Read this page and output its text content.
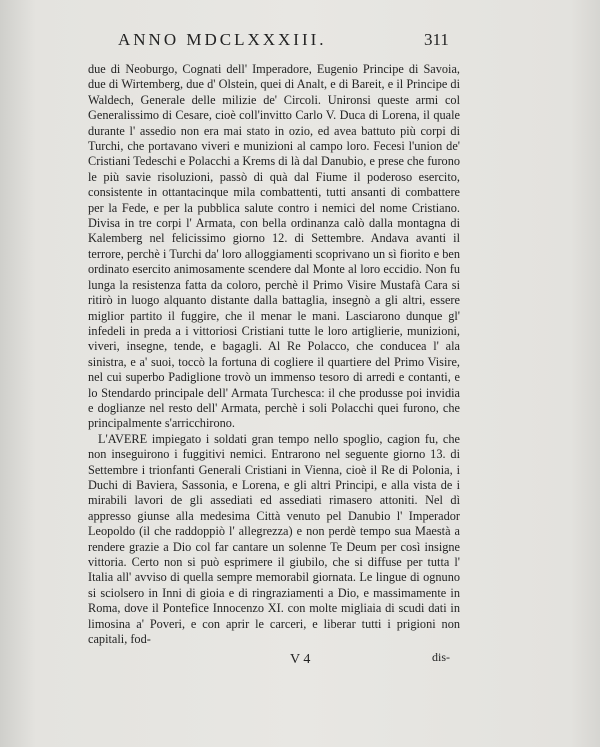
ANNO MDCLXXXIII.	311

due di Neoburgo, Cognati dell' Imperadore, Eugenio Principe di Savoia, due di Wirtemberg, due d' Olstein, quei di Analt, e di Bareit, e il Principe di Waldech, Generale delle milizie de' Circoli. Unironsi queste armi col Generalissimo di Cesare, cioè coll'invitto Carlo V. Duca di Lorena, il quale durante l' assedio non era mai stato in ozio, ed avea battuto più corpi di Turchi, che portavano viveri e munizioni al campo loro. Fecesi l'union de' Cristiani Tedeschi e Polacchi a Krems di là dal Danubio, e prese che furono le più savie risoluzioni, passò di quà dal Fiume il poderoso esercito, consistente in ottantacinque mila combattenti, tutti ansanti di combattere per la Fede, e per la pubblica salute contro i nemici del nome Cristiano. Divisa in tre corpi l' Armata, con bella ordinanza calò dalla montagna di Kalemberg nel felicissimo giorno 12. di Settembre. Andava avanti il terrore, perchè i Turchi da' loro alloggiamenti scoprivano un sì fiorito e ben ordinato esercito animosamente scendere dal Monte al loro eccidio. Non fu lunga la resistenza fatta da coloro, perchè il Primo Visire Mustafà Cara si ritirò in luogo alquanto distante dalla battaglia, insegnò a gli altri, essere miglior partito il fuggire, che il menar le mani. Lasciarono dunque gl' infedeli in preda a i vittoriosi Cristiani tutte le loro artiglierie, munizioni, viveri, insegne, tende, e bagagli. Al Re Polacco, che conducea l' ala sinistra, e a' suoi, toccò la fortuna di cogliere il quartiere del Primo Visire, nel cui superbo Padiglione trovò un immenso tesoro di arredi e contanti, e lo Stendardo principale dell' Armata Turchesca: il che produsse poi invidia e doglianze nel resto dell' Armata, perchè i soli Polacchi quei furono, che principalmente s'arricchirono.

L'AVERE impiegato i soldati gran tempo nello spoglio, cagion fu, che non inseguirono i fuggitivi nemici. Entrarono nel seguente giorno 13. di Settembre i trionfanti Generali Cristiani in Vienna, cioè il Re di Polonia, i Duchi di Baviera, Sassonia, e Lorena, e gli altri Principi, e alla vista de i mirabili lavori de gli assediati ed assediati rimasero attoniti. Nel dì appresso giunse alla medesima Città venuto pel Danubio l' Imperador Leopoldo (il che raddoppiò l' allegrezza) e non perdè tempo sua Maestà a rendere grazie a Dio col far cantare un solenne Te Deum per così insigne vittoria. Certo non si può esprimere il giubilo, che si diffuse per tutta l' Italia all' avviso di quella sempre memorabil giornata. Le lingue di ognuno si sciolsero in Inni di gioia e di ringraziamenti a Dio, e massimamente in Roma, dove il Pontefice Innocenzo XI. con molte migliaia di scudi dati in limosina a' Poveri, e con aprir le carceri, e liberar tutti i prigioni non capitali, fod-

V 4	dis-
